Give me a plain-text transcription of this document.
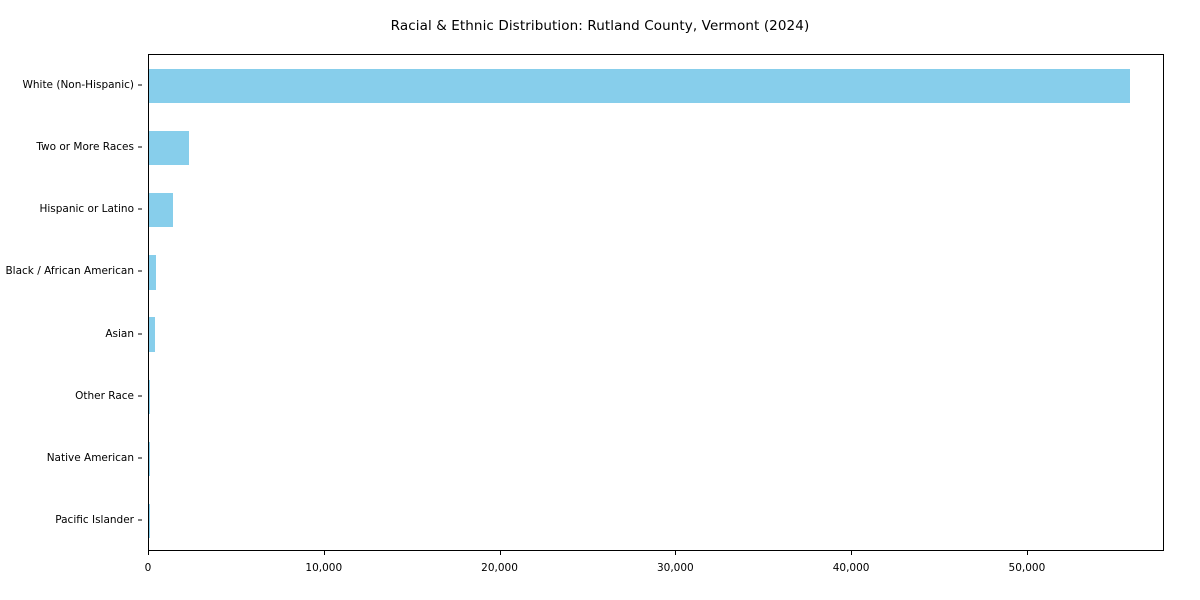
Racial & Ethnic Distribution: Rutland County, Vermont (2024)
White (Non-Hispanic)
Two or More Races
Hispanic or Latino
Black / African American
Asian
Other Race
Native American
Pacific Islander
0	10,000	20,000	30,000	40,000	50,000
